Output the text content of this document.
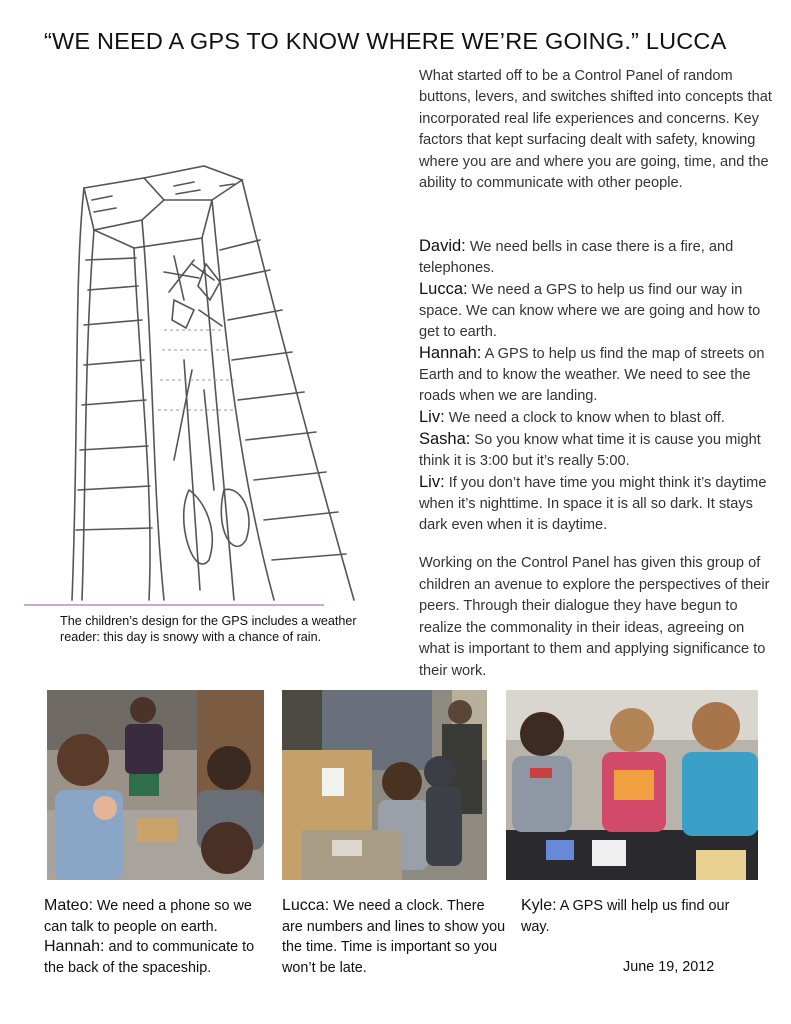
“WE NEED A GPS TO KNOW WHERE WE’RE GOING.” LUCCA
What started off to be a Control Panel of random buttons, levers, and switches shifted into concepts that incorporated real life experiences and concerns. Key factors that kept surfacing dealt with safety, knowing where you are and where you are going, time, and the ability to communicate with other people.
David: We need bells in case there is a fire, and telephones.
Lucca: We need a GPS to help us find our way in space. We can know where we are going and how to get to earth.
Hannah: A GPS to help us find the map of streets on Earth and to know the weather. We need to see the roads when we are landing.
Liv: We need a clock to know when to blast off.
Sasha: So you know what time it is cause you might think it is 3:00 but it’s really 5:00.
Liv: If you don’t have time you might think it’s daytime when it’s nighttime. In space it is all so dark. It stays dark even when it is daytime.
Working on the Control Panel has given this group of children an avenue to explore the perspectives of their peers. Through their dialogue they have begun to realize the commonality in their ideas, agreeing on what is important to them and applying significance to their work.
The children’s design for the GPS includes a weather reader: this day is snowy with a chance of rain.
Mateo: We need a phone so we can talk to people on earth.
Hannah: and to communicate to the back of the spaceship.
Lucca: We need a clock. There are numbers and lines to show you the time. Time is important so you won’t be late.
Kyle: A GPS will help us find our way.
June 19, 2012
